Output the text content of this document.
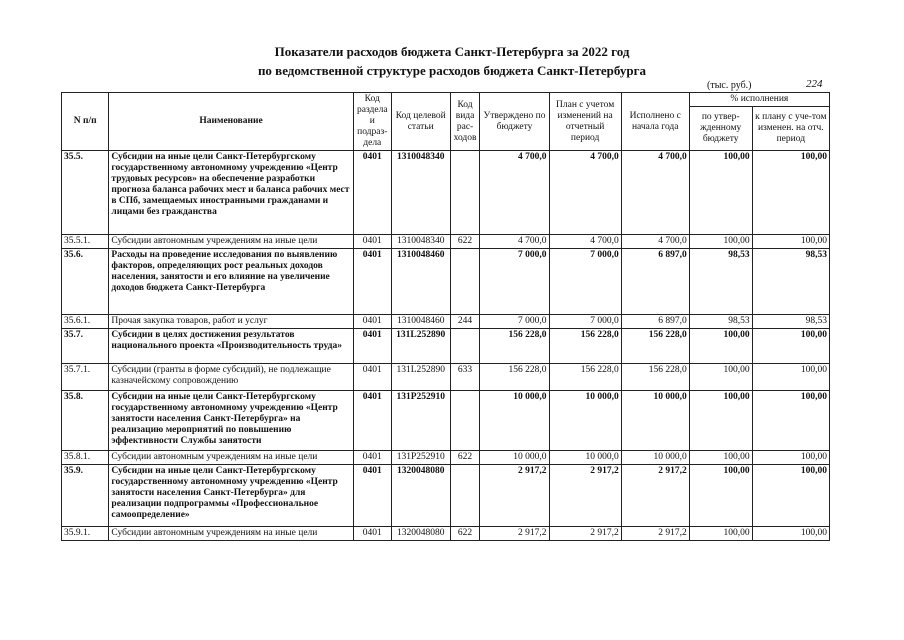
Показатели расходов бюджета Санкт-Петербурга за 2022 год
по ведомственной структуре расходов бюджета Санкт-Петербурга
(тыс. руб.)	224
N п/п	Наименование	Код раздела и подраз-дела	Код целевой статьи	Код вида рас-ходов	Утверждено по бюджету	План с учетом изменений на отчетный период	Исполнено с начала года	% исполнения	
								по утвер-жденному бюджету	к плану с уче-том изменен. на отч. период
35.5.	Субсидии на иные цели Санкт-Петербургскому государственному автономному учреждению «Центр трудовых ресурсов» на обеспечение разработки прогноза баланса рабочих мест и баланса рабочих мест в СПб, замещаемых иностранными гражданами и лицами без гражданства	0401	1310048340		4 700,0	4 700,0	4 700,0	100,00	100,00
35.5.1.	Субсидии автономным учреждениям на иные цели	0401	1310048340	622	4 700,0	4 700,0	4 700,0	100,00	100,00
35.6.	Расходы на проведение исследования по выявлению факторов, определяющих рост реальных доходов населения, занятости и его влияние на увеличение доходов бюджета Санкт-Петербурга	0401	1310048460		7 000,0	7 000,0	6 897,0	98,53	98,53
35.6.1.	Прочая закупка товаров, работ и услуг	0401	1310048460	244	7 000,0	7 000,0	6 897,0	98,53	98,53
35.7.	Субсидии в целях достижения результатов национального проекта «Производительность труда»	0401	131L252890		156 228,0	156 228,0	156 228,0	100,00	100,00
35.7.1.	Субсидии (гранты в форме субсидий), не подлежащие казначейскому сопровождению	0401	131L252890	633	156 228,0	156 228,0	156 228,0	100,00	100,00
35.8.	Субсидии на иные цели Санкт-Петербургскому государственному автономному учреждению «Центр занятости населения Санкт-Петербурга» на реализацию мероприятий по повышению эффективности Службы занятости	0401	131P252910		10 000,0	10 000,0	10 000,0	100,00	100,00
35.8.1.	Субсидии автономным учреждениям на иные цели	0401	131P252910	622	10 000,0	10 000,0	10 000,0	100,00	100,00
35.9.	Субсидии на иные цели Санкт-Петербургскому государственному автономному учреждению «Центр занятости населения Санкт-Петербурга» для реализации подпрограммы «Профессиональное самоопределение»	0401	1320048080		2 917,2	2 917,2	2 917,2	100,00	100,00
35.9.1.	Субсидии автономным учреждениям на иные цели	0401	1320048080	622	2 917,2	2 917,2	2 917,2	100,00	100,00
